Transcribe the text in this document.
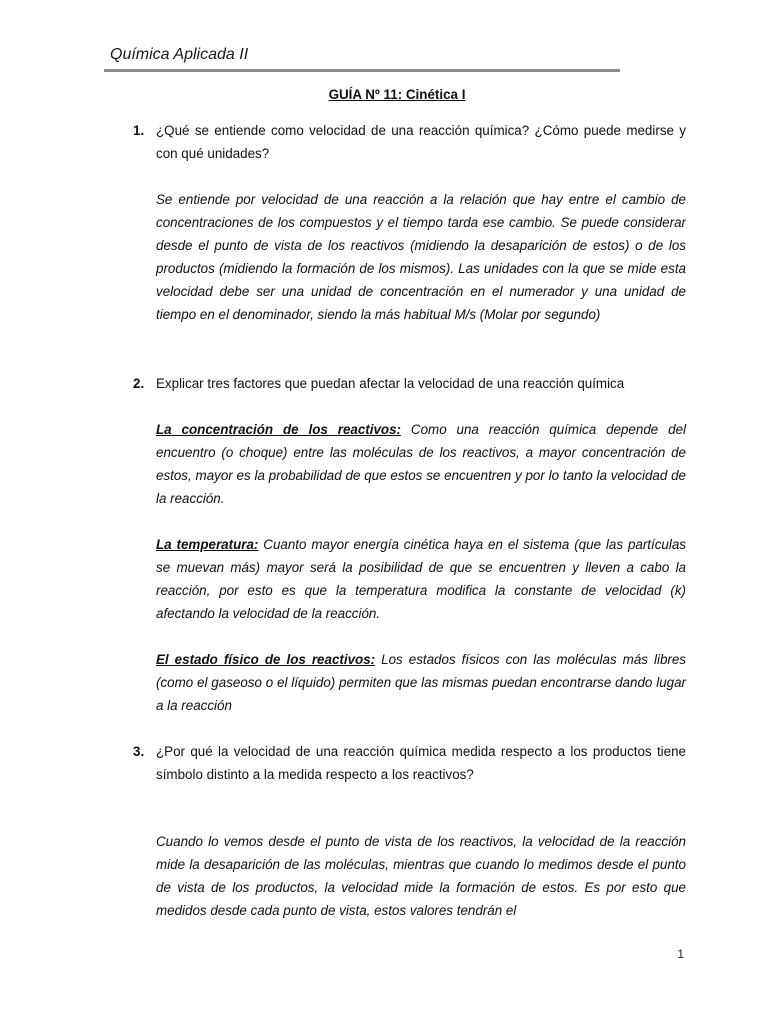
Química Aplicada II
GUÍA Nº 11: Cinética I
1. ¿Qué se entiende como velocidad de una reacción química? ¿Cómo puede medirse y con qué unidades?

Se entiende por velocidad de una reacción a la relación que hay entre el cambio de concentraciones de los compuestos y el tiempo tarda ese cambio. Se puede considerar desde el punto de vista de los reactivos (midiendo la desaparición de estos) o de los productos (midiendo la formación de los mismos). Las unidades con la que se mide esta velocidad debe ser una unidad de concentración en el numerador y una unidad de tiempo en el denominador, siendo la más habitual M/s (Molar por segundo)

2. Explicar tres factores que puedan afectar la velocidad de una reacción química

La concentración de los reactivos: Como una reacción química depende del encuentro (o choque) entre las moléculas de los reactivos, a mayor concentración de estos, mayor es la probabilidad de que estos se encuentren y por lo tanto la velocidad de la reacción.

La temperatura: Cuanto mayor energía cinética haya en el sistema (que las partículas se muevan más) mayor será la posibilidad de que se encuentren y lleven a cabo la reacción, por esto es que la temperatura modifica la constante de velocidad (k) afectando la velocidad de la reacción.

El estado físico de los reactivos: Los estados físicos con las moléculas más libres (como el gaseoso o el líquido) permiten que las mismas puedan encontrarse dando lugar a la reacción

3. ¿Por qué la velocidad de una reacción química medida respecto a los productos tiene símbolo distinto a la medida respecto a los reactivos?

Cuando lo vemos desde el punto de vista de los reactivos, la velocidad de la reacción mide la desaparición de las moléculas, mientras que cuando lo medimos desde el punto de vista de los productos, la velocidad mide la formación de estos. Es por esto que medidos desde cada punto de vista, estos valores tendrán el

1
